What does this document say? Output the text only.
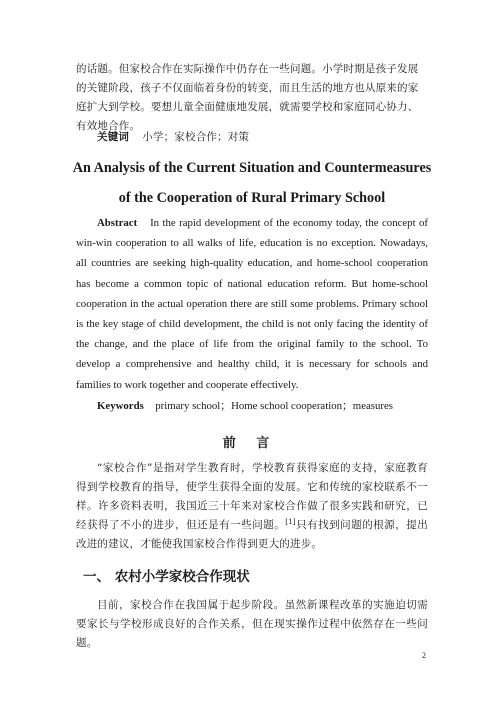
的话题。但家校合作在实际操作中仍存在一些问题。小学时期是孩子发展的关键阶段，孩子不仅面临着身份的转变，而且生活的地方也从原来的家庭扩大到学校。要想儿童全面健康地发展，就需要学校和家庭同心协力、有效地合作。

关键词 小学；家校合作；对策

An Analysis of the Current Situation and Countermeasures

of the Cooperation of Rural Primary School

Abstract In the rapid development of the economy today, the concept of win-win cooperation to all walks of life, education is no exception. Nowadays, all countries are seeking high-quality education, and home-school cooperation has become a common topic of national education reform. But home-school cooperation in the actual operation there are still some problems. Primary school is the key stage of child development, the child is not only facing the identity of the change, and the place of life from the original family to the school. To develop a comprehensive and healthy child, it is necessary for schools and families to work together and cooperate effectively.

Keywords primary school；Home school cooperation；measures

前 言

“家校合作”是指对学生教育时，学校教育获得家庭的支持，家庭教育得到学校教育的指导，使学生获得全面的发展。它和传统的家校联系不一样。许多资料表明，我国近三十年来对家校合作做了很多实践和研究，已经获得了不小的进步，但还是有一些问题。[1]只有找到问题的根源，提出改进的建议，才能使我国家校合作得到更大的进步。

一、 农村小学家校合作现状

目前，家校合作在我国属于起步阶段。虽然新课程改革的实施迫切需要家长与学校形成良好的合作关系，但在现实操作过程中依然存在一些问题。

2
